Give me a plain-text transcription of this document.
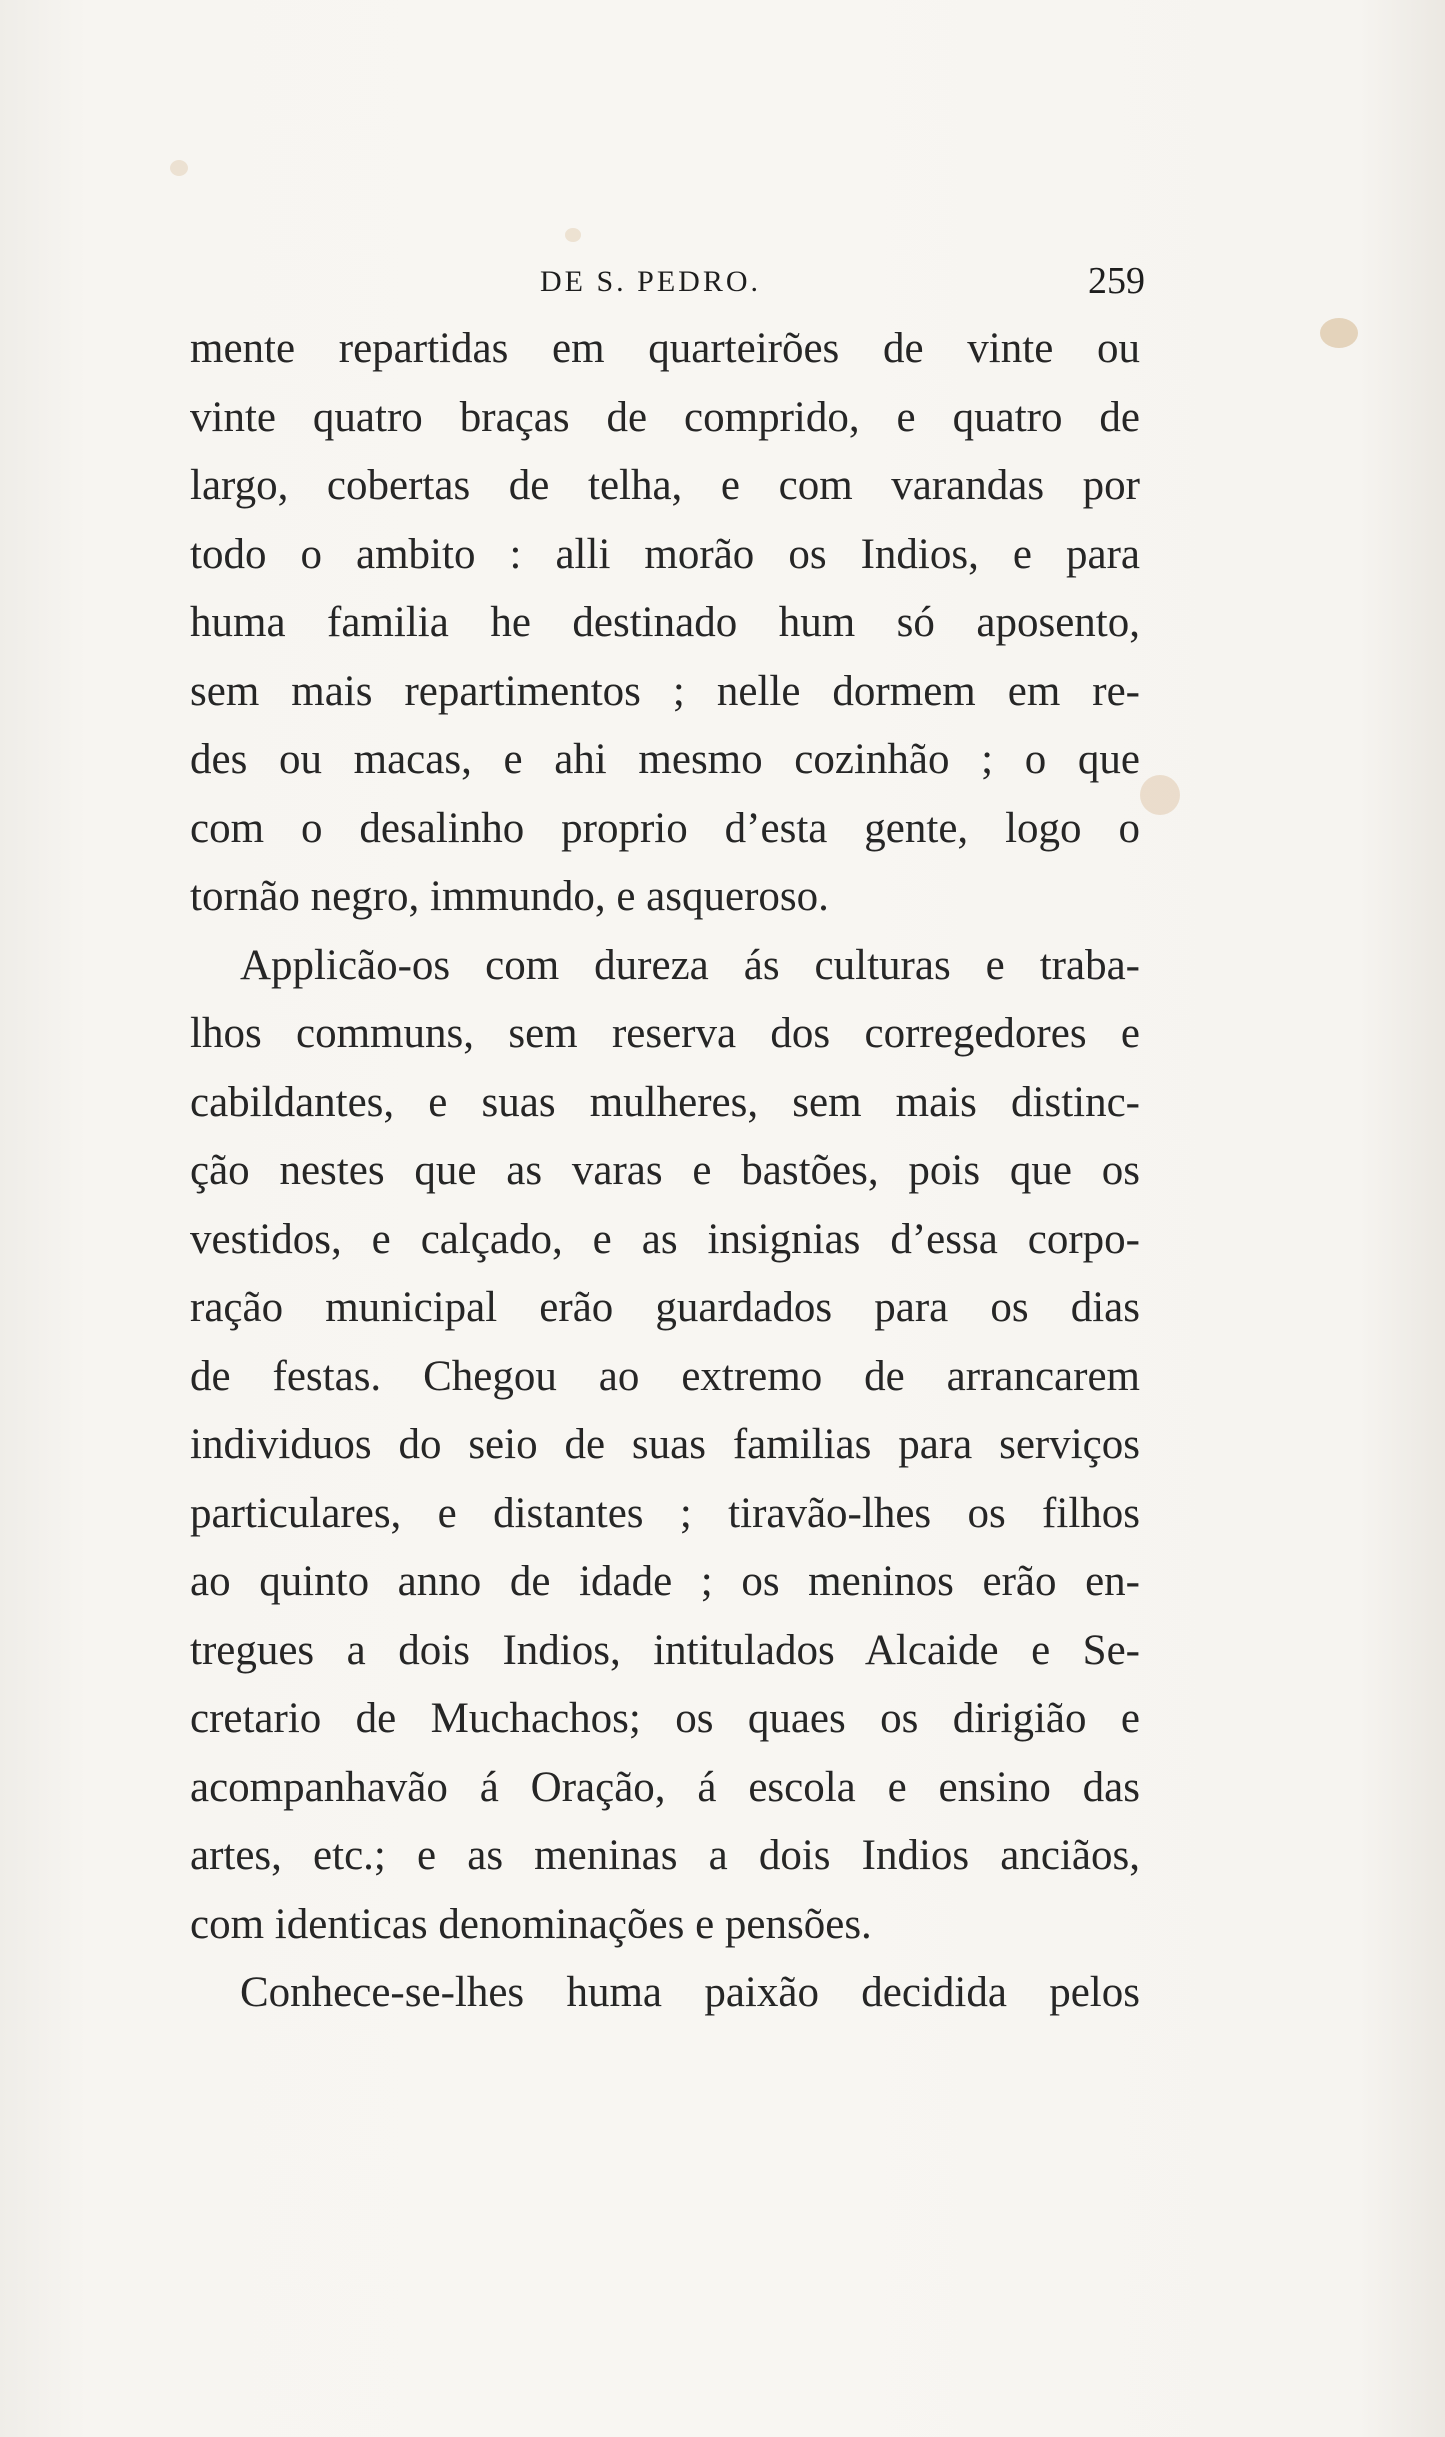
DE S. PEDRO.	259
mente repartidas em quarteirões de vinte ou
vinte quatro braças de comprido, e quatro de
largo, cobertas de telha, e com varandas por
todo o ambito : alli morão os Indios, e para
huma familia he destinado hum só aposento,
sem mais repartimentos ; nelle dormem em re-
des ou macas, e ahi mesmo cozinhão ; o que
com o desalinho proprio d’esta gente, logo o
tornão negro, immundo, e asqueroso.
Applicão-os com dureza ás culturas e traba-
lhos communs, sem reserva dos corregedores e
cabildantes, e suas mulheres, sem mais distinc-
ção nestes que as varas e bastões, pois que os
vestidos, e calçado, e as insignias d’essa corpo-
ração municipal erão guardados para os dias
de festas. Chegou ao extremo de arrancarem
individuos do seio de suas familias para serviços
particulares, e distantes ; tiravão-lhes os filhos
ao quinto anno de idade ; os meninos erão en-
tregues a dois Indios, intitulados Alcaide e Se-
cretario de Muchachos; os quaes os dirigião e
acompanhavão á Oração, á escola e ensino das
artes, etc.; e as meninas a dois Indios anciãos,
com identicas denominações e pensões.
Conhece-se-lhes huma paixão decidida pelos
